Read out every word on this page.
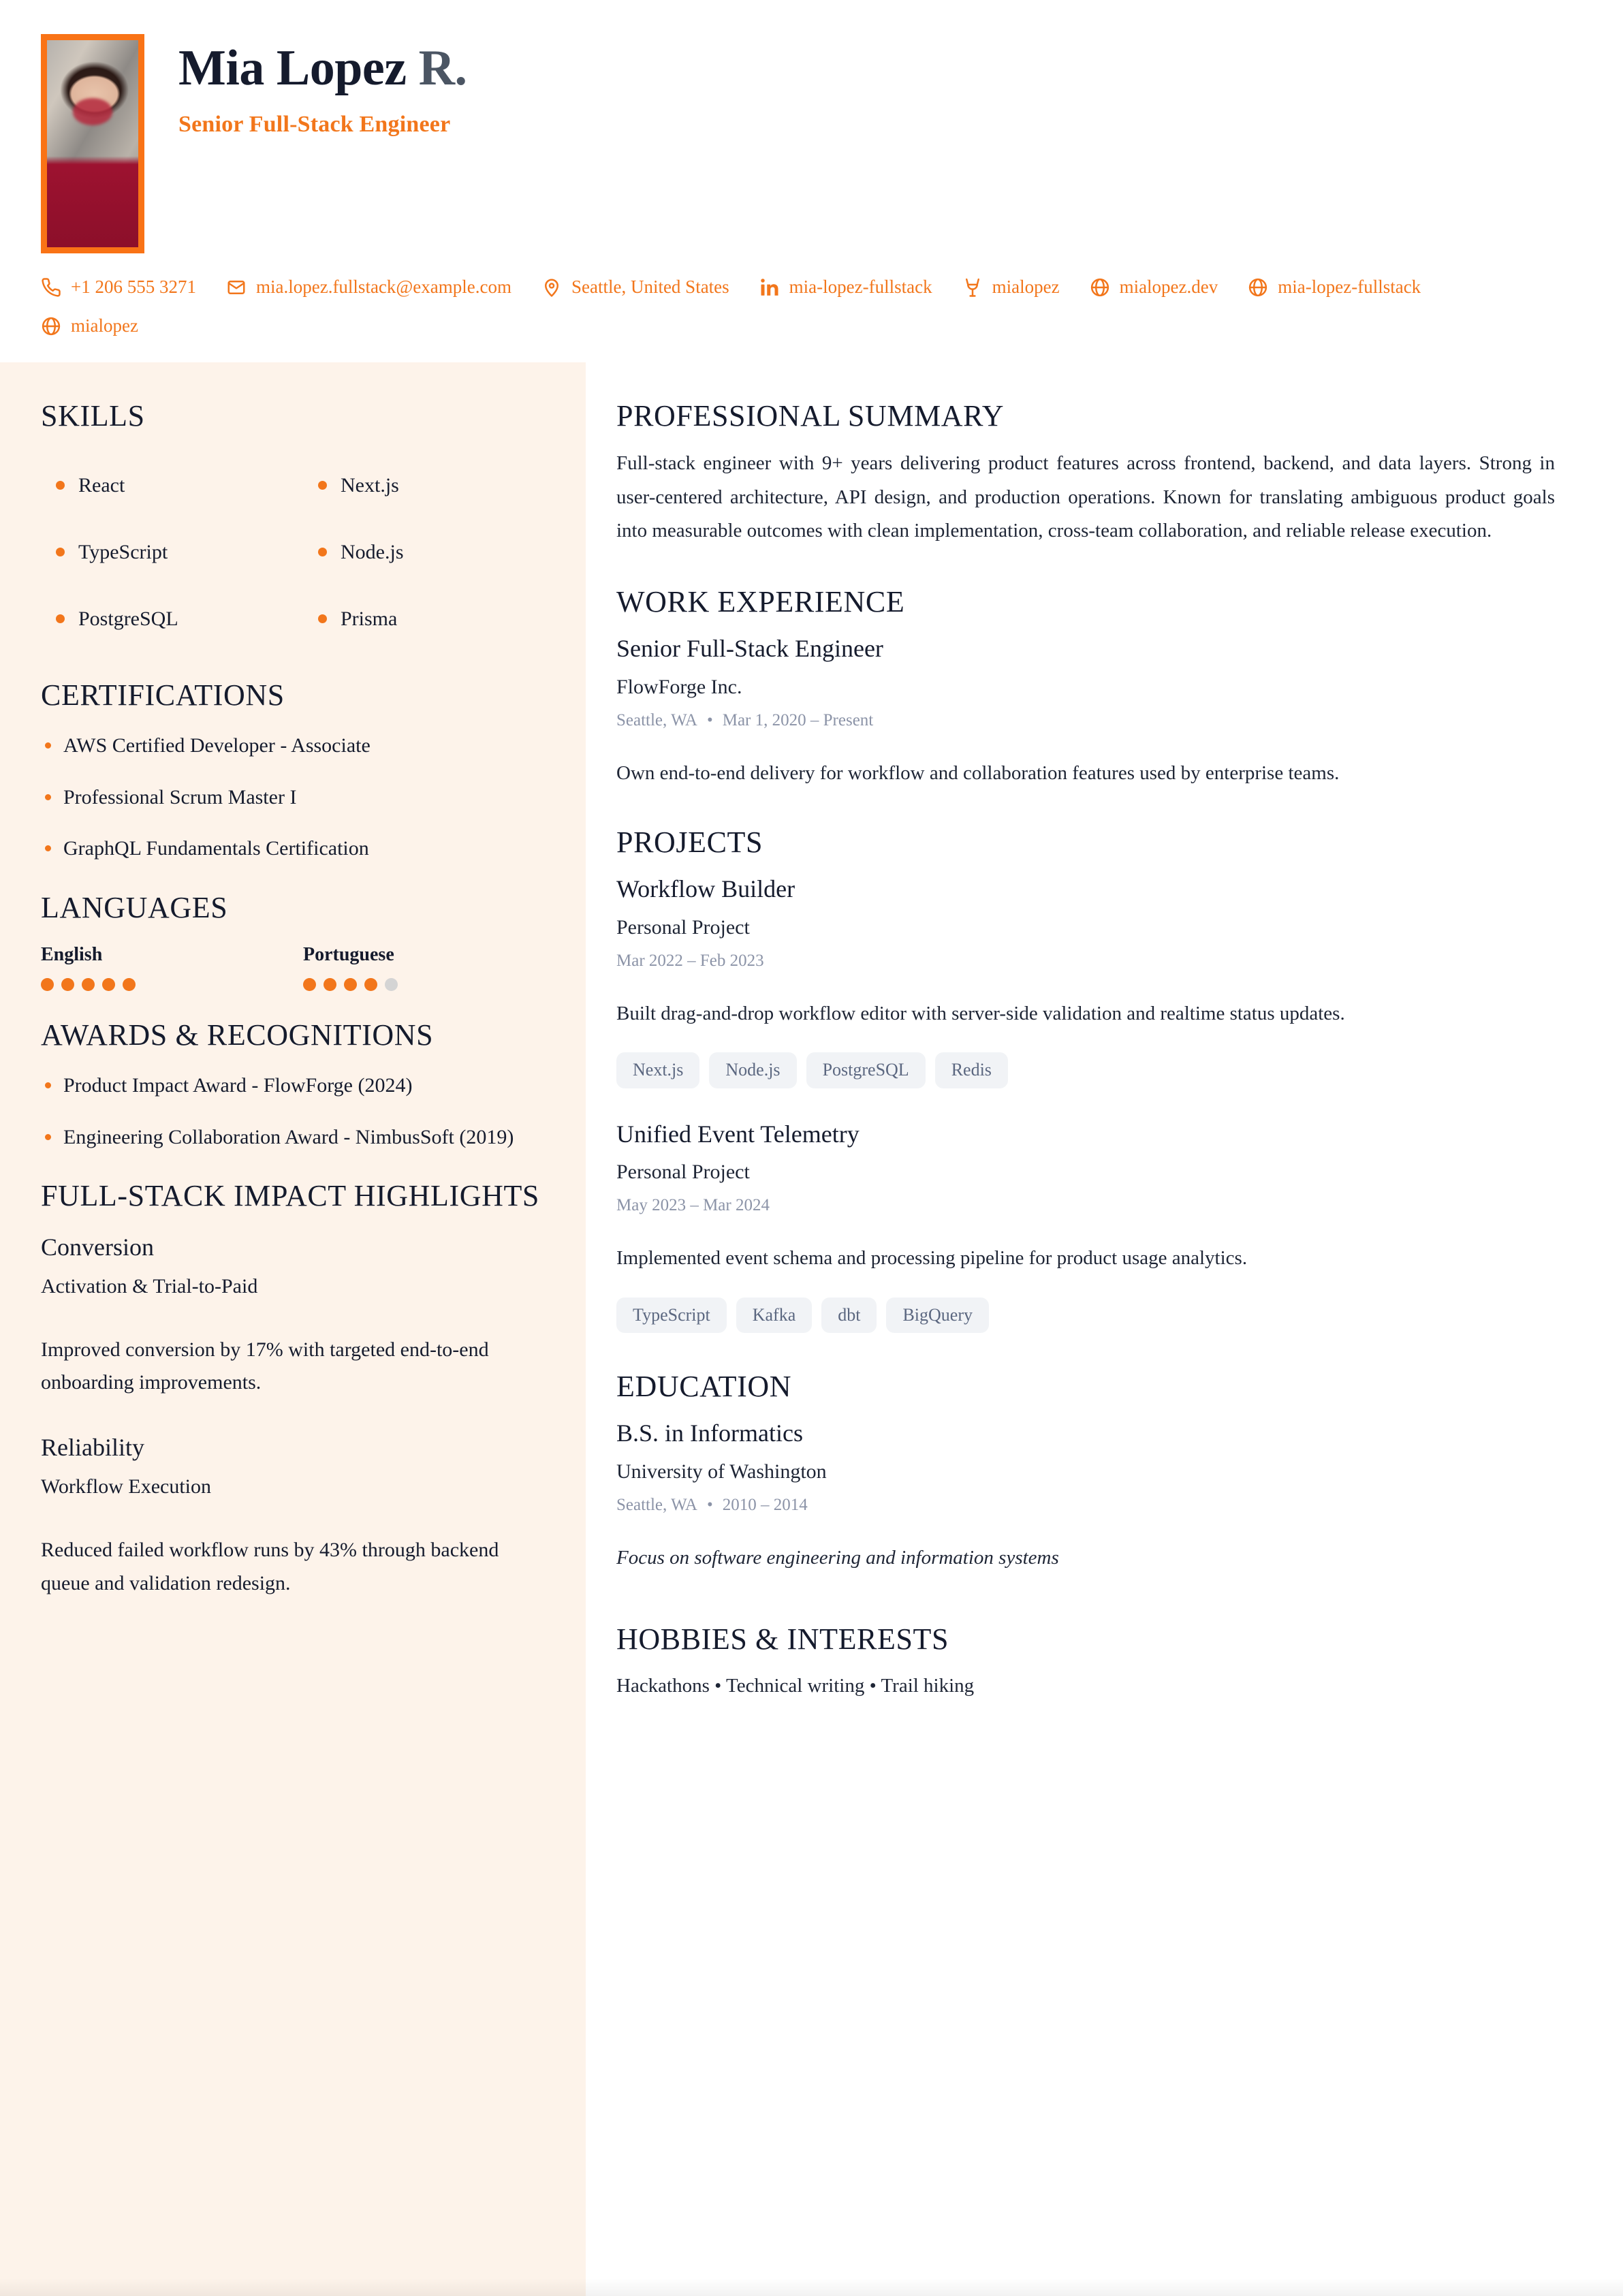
Mia Lopez R.
Senior Full-Stack Engineer
+1 206 555 3271	mia.lopez.fullstack@example.com	Seattle, United States	mia-lopez-fullstack	mialopez	mialopez.dev	mia-lopez-fullstack
mialopez
SKILLS
React	Next.js
TypeScript	Node.js
PostgreSQL	Prisma
CERTIFICATIONS
AWS Certified Developer - Associate
Professional Scrum Master I
GraphQL Fundamentals Certification
LANGUAGES
English	Portuguese
AWARDS & RECOGNITIONS
Product Impact Award - FlowForge (2024)
Engineering Collaboration Award - NimbusSoft (2019)
FULL-STACK IMPACT HIGHLIGHTS
Conversion
Activation & Trial-to-Paid
Improved conversion by 17% with targeted end-to-end onboarding improvements.
Reliability
Workflow Execution
Reduced failed workflow runs by 43% through backend queue and validation redesign.
PROFESSIONAL SUMMARY

Full-stack engineer with 9+ years delivering product features across frontend, backend, and data layers. Strong in user-centered architecture, API design, and production operations. Known for translating ambiguous product goals into measurable outcomes with clean implementation, cross-team collaboration, and reliable release execution.

WORK EXPERIENCE
Senior Full-Stack Engineer
FlowForge Inc.
Seattle, WA • Mar 1, 2020 – Present
Own end-to-end delivery for workflow and collaboration features used by enterprise teams.
PROJECTS
Workflow Builder
Personal Project
Mar 2022 – Feb 2023
Built drag-and-drop workflow editor with server-side validation and realtime status updates.
Next.js	Node.js	PostgreSQL	Redis
Unified Event Telemetry
Personal Project
May 2023 – Mar 2024
Implemented event schema and processing pipeline for product usage analytics.
TypeScript	Kafka	dbt	BigQuery
EDUCATION
B.S. in Informatics
University of Washington
Seattle, WA • 2010 – 2014
Focus on software engineering and information systems
HOBBIES & INTERESTS
Hackathons • Technical writing • Trail hiking
